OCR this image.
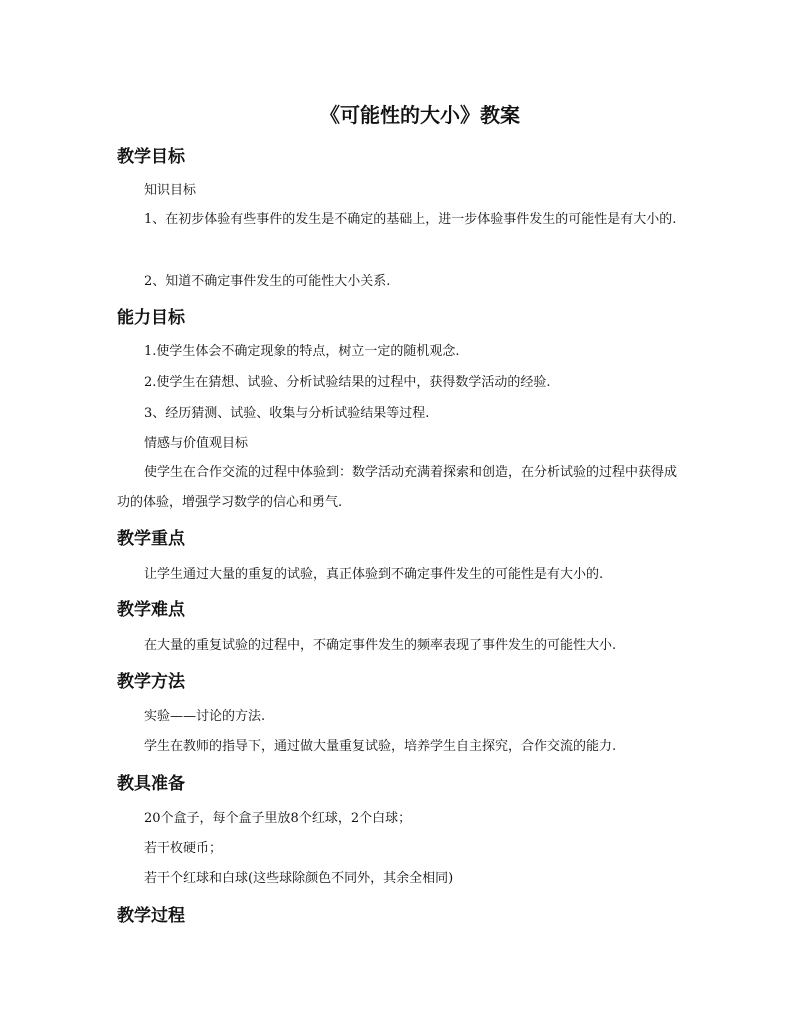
《可能性的大小》教案
教学目标
知识目标
1、在初步体验有些事件的发生是不确定的基础上，进一步体验事件发生的可能性是有大小的.
2、知道不确定事件发生的可能性大小关系.
能力目标
1.使学生体会不确定现象的特点，树立一定的随机观念.
2.使学生在猜想、试验、分析试验结果的过程中，获得数学活动的经验.
3、经历猜测、试验、收集与分析试验结果等过程.
情感与价值观目标
使学生在合作交流的过程中体验到：数学活动充满着探索和创造，在分析试验的过程中获得成功的体验，增强学习数学的信心和勇气.
教学重点
让学生通过大量的重复的试验，真正体验到不确定事件发生的可能性是有大小的.
教学难点
在大量的重复试验的过程中，不确定事件发生的频率表现了事件发生的可能性大小.
教学方法
实验——讨论的方法.
学生在教师的指导下，通过做大量重复试验，培养学生自主探究，合作交流的能力.
教具准备
20个盒子，每个盒子里放8个红球，2个白球；
若干枚硬币；
若干个红球和白球(这些球除颜色不同外，其余全相同)
教学过程
